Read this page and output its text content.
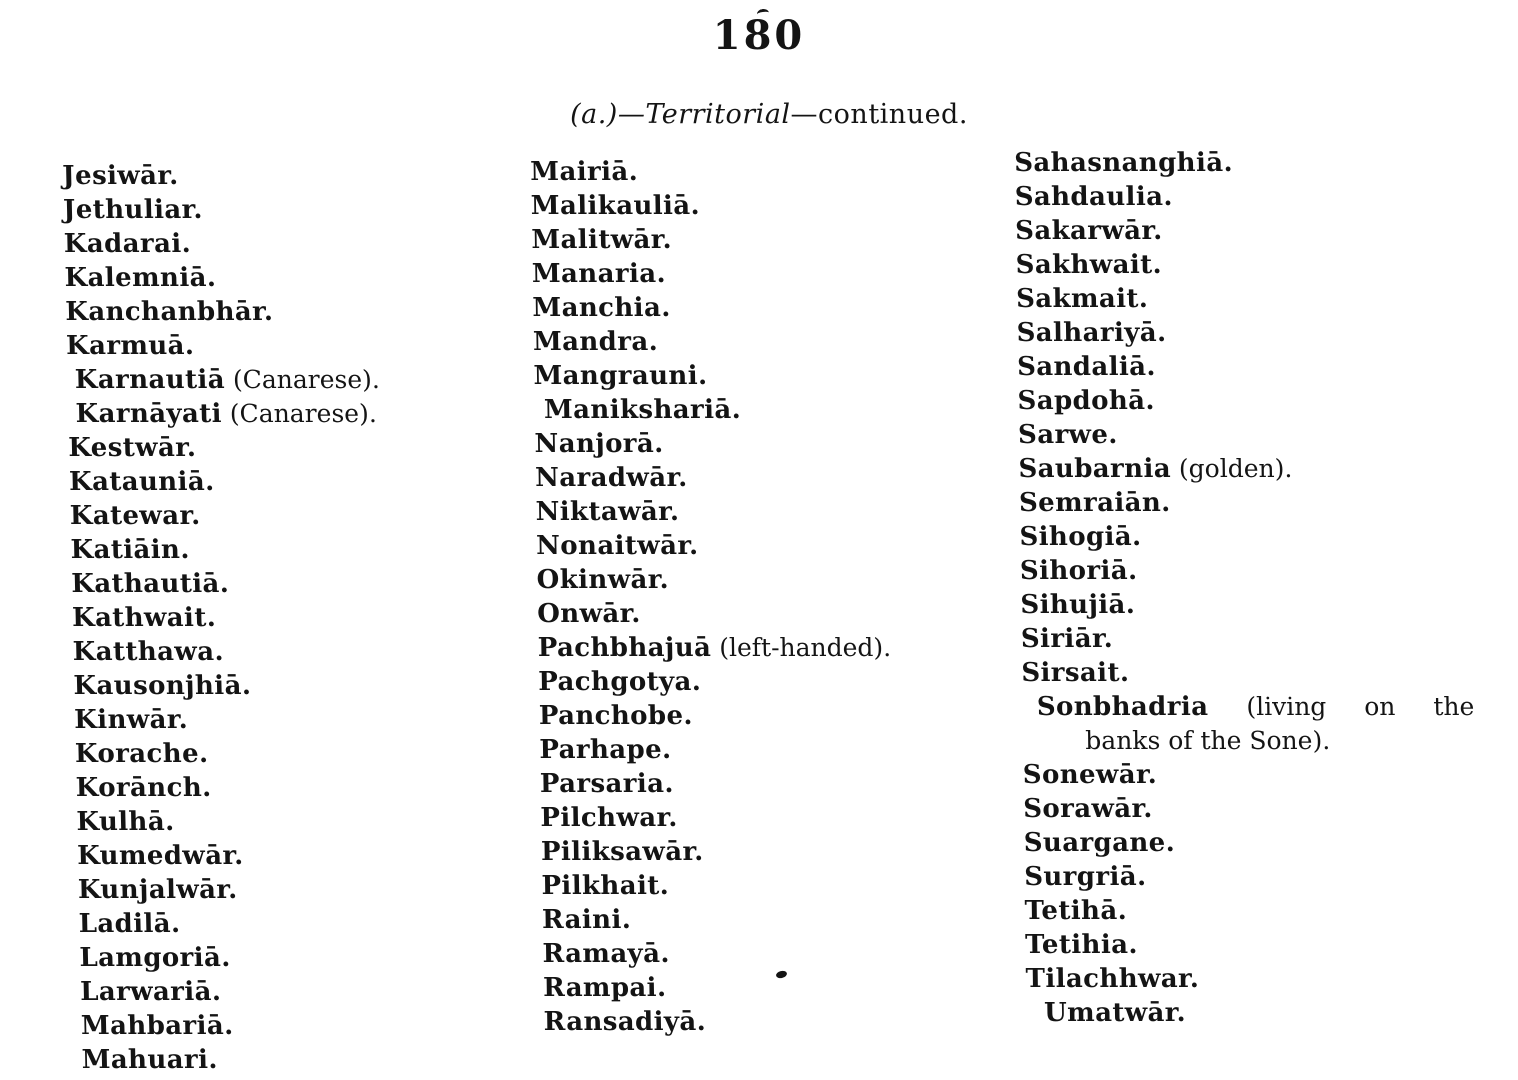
180
(a.)—Territorial—continued.
Jesiwār.
Jethuliar.
Kadarai.
Kalemniā.
Kanchanbhār.
Karmuā.
Karnautiā (Canarese).
Karnāyati (Canarese).
Kestwār.
Katauniā.
Katewar.
Katiāin.
Kathautiā.
Kathwait.
Katthawa.
Kausonjhiā.
Kinwār.
Korache.
Korānch.
Kulhā.
Kumedwār.
Kunjalwār.
Ladilā.
Lamgoriā.
Larwariā.
Mahbariā.
Mahuari.
Mairiā.
Malikauliā.
Malitwār.
Manaria.
Manchia.
Mandra.
Mangrauni.
Manikshariā.
Nanjorā.
Naradwār.
Niktawār.
Nonaitwār.
Okinwār.
Onwār.
Pachbhajuā (left-handed).
Pachgotya.
Panchobe.
Parhape.
Parsaria.
Pilchwar.
Piliksawār.
Pilkhait.
Raini.
Ramayā.
Rampai.
Ransadiyā.
Sahasnanghiā.
Sahdaulia.
Sakarwār.
Sakhwait.
Sakmait.
Salhariyā.
Sandaliā.
Sapdohā.
Sarwe.
Saubarnia (golden).
Semraiān.
Sihogiā.
Sihoriā.
Sihujiā.
Siriār.
Sirsait.
Sonbhadria (living on the
banks of the Sone).
Sonewār.
Sorawār.
Suargane.
Surgriā.
Tetihā.
Tetihia.
Tilachhwar.
Umatwār.
